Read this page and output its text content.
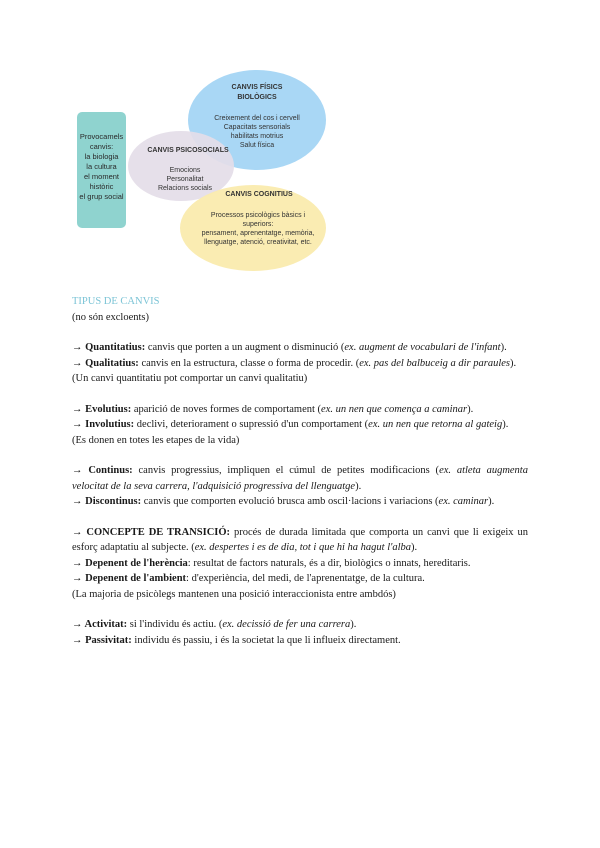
Provocamels
canvis:
la biologia
la cultura
el moment
històric
el grup social
CANVIS FÍSICS
BIOLÒGICS
Creixement del cos i cervell
Capacitats sensorials
habilitats motrius
Salut física
CANVIS PSICOSOCIALS
Emocions
Personalitat
Relacions socials
CANVIS COGNITIUS
Processos psicològics bàsics i
superiors:
pensament, aprenentatge, memòria,
llenguatge, atenció, creativitat, etc.

TIPUS DE CANVIS

(no són excloents)

→ Quantitatius: canvis que porten a un augment o disminució (ex. augment de vocabulari de l'infant).

→ Qualitatius: canvis en la estructura, classe o forma de procedir. (ex. pas del balbuceig a dir paraules).

(Un canvi quantitatiu pot comportar un canvi qualitatiu)

→ Evolutius: aparició de noves formes de comportament (ex. un nen que comença a caminar).

→ Involutius: declivi, deteriorament o supressió d'un comportament (ex. un nen que retorna al gateig).

(Es donen en totes les etapes de la vida)

→ Continus: canvis progressius, impliquen el cúmul de petites modificacions (ex. atleta augmenta velocitat de la seva carrera, l'adquisició progressiva del llenguatge).

→ Discontinus: canvis que comporten evolució brusca amb oscil·lacions i variacions (ex. caminar).

→ CONCEPTE DE TRANSICIÓ: procés de durada limitada que comporta un canvi que li exigeix un esforç adaptatiu al subjecte. (ex. despertes i es de dia, tot i que hi ha hagut l'alba).

→ Depenent de l'herència: resultat de factors naturals, és a dir, biològics o innats, hereditaris.

→ Depenent de l'ambient: d'experiència, del medi, de l'aprenentatge, de la cultura.

(La majoria de psicòlegs mantenen una posició interaccionista entre ambdós)

→ Activitat: si l'individu és actiu. (ex. decissió de fer una carrera).

→ Passivitat: individu és passiu, i és la societat la que li influeix directament.
